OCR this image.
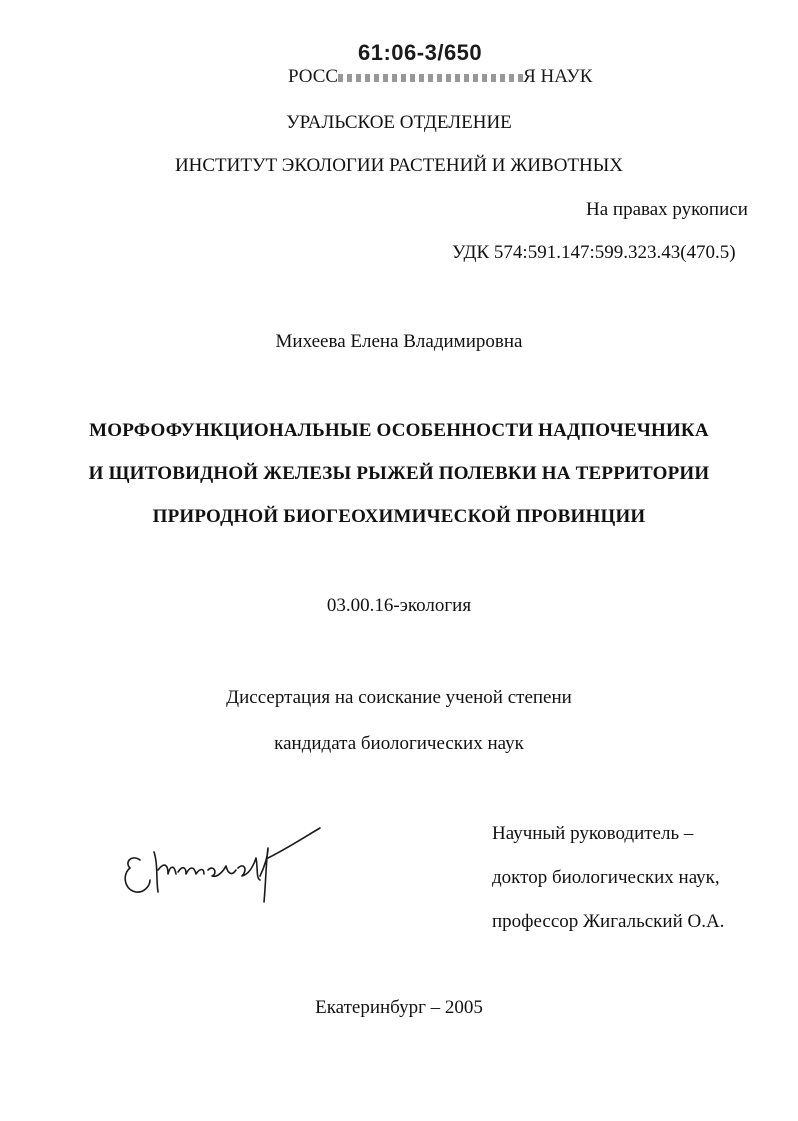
61:06-3/650
РОСС	Я НАУК
УРАЛЬСКОЕ ОТДЕЛЕНИЕ
ИНСТИТУТ ЭКОЛОГИИ РАСТЕНИЙ И ЖИВОТНЫХ
На правах рукописи
УДК 574:591.147:599.323.43(470.5)
Михеева Елена Владимировна
МОРФОФУНКЦИОНАЛЬНЫЕ ОСОБЕННОСТИ НАДПОЧЕЧНИКА
И ЩИТОВИДНОЙ ЖЕЛЕЗЫ РЫЖЕЙ ПОЛЕВКИ НА ТЕРРИТОРИИ
ПРИРОДНОЙ БИОГЕОХИМИЧЕСКОЙ ПРОВИНЦИИ
03.00.16-экология
Диссертация на соискание ученой степени
кандидата биологических наук
Научный руководитель –
доктор биологических наук,
профессор Жигальский О.А.
Екатеринбург – 2005
